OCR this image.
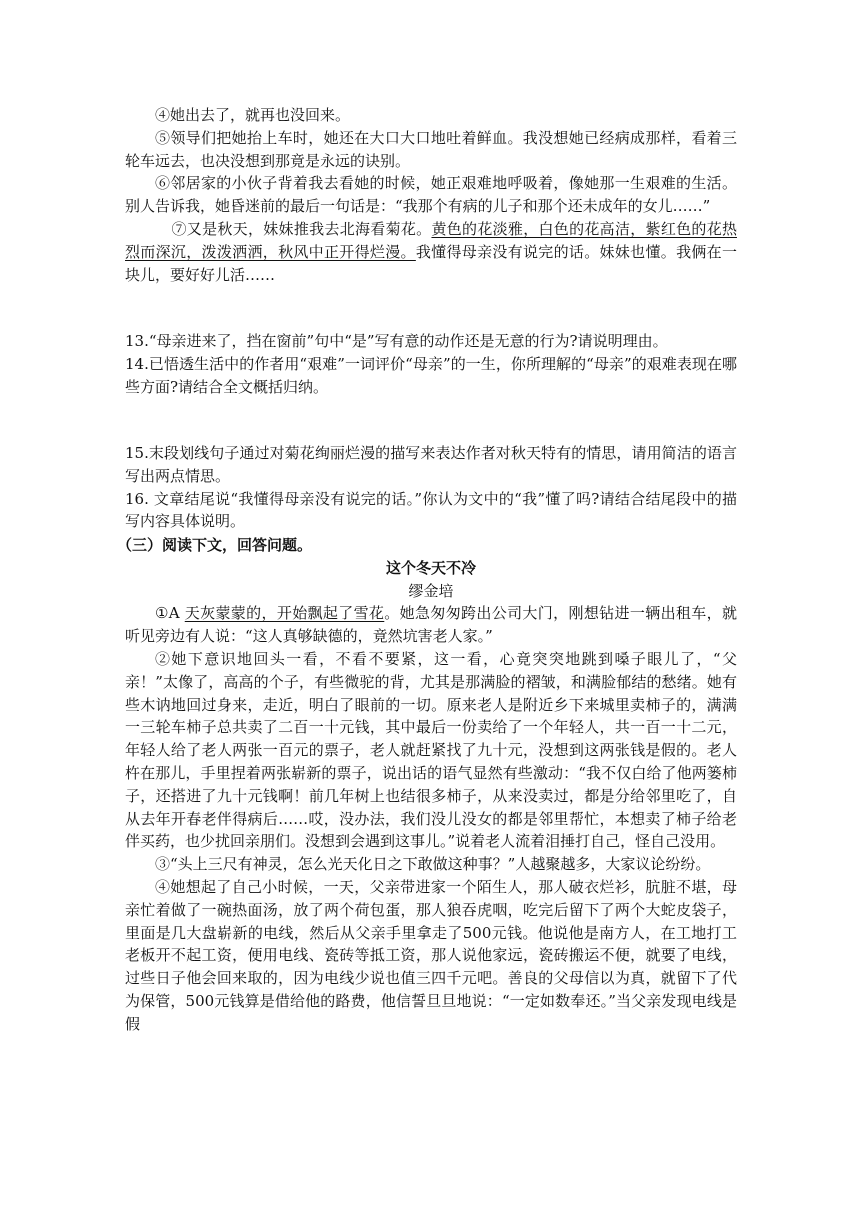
④她出去了，就再也没回来。

⑤领导们把她抬上车时，她还在大口大口地吐着鲜血。我没想她已经病成那样，看着三轮车远去，也决没想到那竟是永远的诀别。

⑥邻居家的小伙子背着我去看她的时候，她正艰难地呼吸着，像她那一生艰难的生活。别人告诉我，她昏迷前的最后一句话是：“我那个有病的儿子和那个还未成年的女儿……”

⑦又是秋天，妹妹推我去北海看菊花。黄色的花淡雅，白色的花高洁，紫红色的花热烈而深沉，泼泼洒洒，秋风中正开得烂漫。我懂得母亲没有说完的话。妹妹也懂。我俩在一块儿，要好好儿活……

13.“母亲进来了，挡在窗前”句中“是”写有意的动作还是无意的行为?请说明理由。

14.已悟透生活中的作者用“艰难”一词评价“母亲”的一生，你所理解的“母亲”的艰难表现在哪些方面?请结合全文概括归纳。

15.末段划线句子通过对菊花绚丽烂漫的描写来表达作者对秋天特有的情思，请用简洁的语言写出两点情思。

16. 文章结尾说“我懂得母亲没有说完的话。”你认为文中的“我”懂了吗?请结合结尾段中的描写内容具体说明。

（三）阅读下文，回答问题。

这个冬天不冷

缪金培

①A 天灰蒙蒙的，开始飘起了雪花。她急匆匆跨出公司大门，刚想钻进一辆出租车，就听见旁边有人说：“这人真够缺德的，竟然坑害老人家。”

②她下意识地回头一看，不看不要紧，这一看，心竟突突地跳到嗓子眼儿了，“父亲！”太像了，高高的个子，有些微驼的背，尤其是那满脸的褶皱，和满脸郁结的愁绪。她有些木讷地回过身来，走近，明白了眼前的一切。原来老人是附近乡下来城里卖柿子的，满满一三轮车柿子总共卖了二百一十元钱，其中最后一份卖给了一个年轻人，共一百一十二元，年轻人给了老人两张一百元的票子，老人就赶紧找了九十元，没想到这两张钱是假的。老人杵在那儿，手里捏着两张崭新的票子，说出话的语气显然有些激动：“我不仅白给了他两篓柿子，还搭进了九十元钱啊！前几年树上也结很多柿子，从来没卖过，都是分给邻里吃了，自从去年开春老伴得病后……哎，没办法，我们没儿没女的都是邻里帮忙，本想卖了柿子给老伴买药，也少扰回亲朋们。没想到会遇到这事儿。”说着老人流着泪捶打自己，怪自己没用。

③“头上三尺有神灵，怎么光天化日之下敢做这种事？”人越聚越多，大家议论纷纷。

④她想起了自己小时候，一天，父亲带进家一个陌生人，那人破衣烂衫，肮脏不堪，母亲忙着做了一碗热面汤，放了两个荷包蛋，那人狼吞虎咽，吃完后留下了两个大蛇皮袋子，里面是几大盘崭新的电线，然后从父亲手里拿走了500元钱。他说他是南方人，在工地打工老板开不起工资，便用电线、瓷砖等抵工资，那人说他家远，瓷砖搬运不便，就要了电线，过些日子他会回来取的，因为电线少说也值三四千元吧。善良的父母信以为真，就留下了代为保管，500元钱算是借给他的路费，他信誓旦旦地说：“一定如数奉还。”当父亲发现电线是假
